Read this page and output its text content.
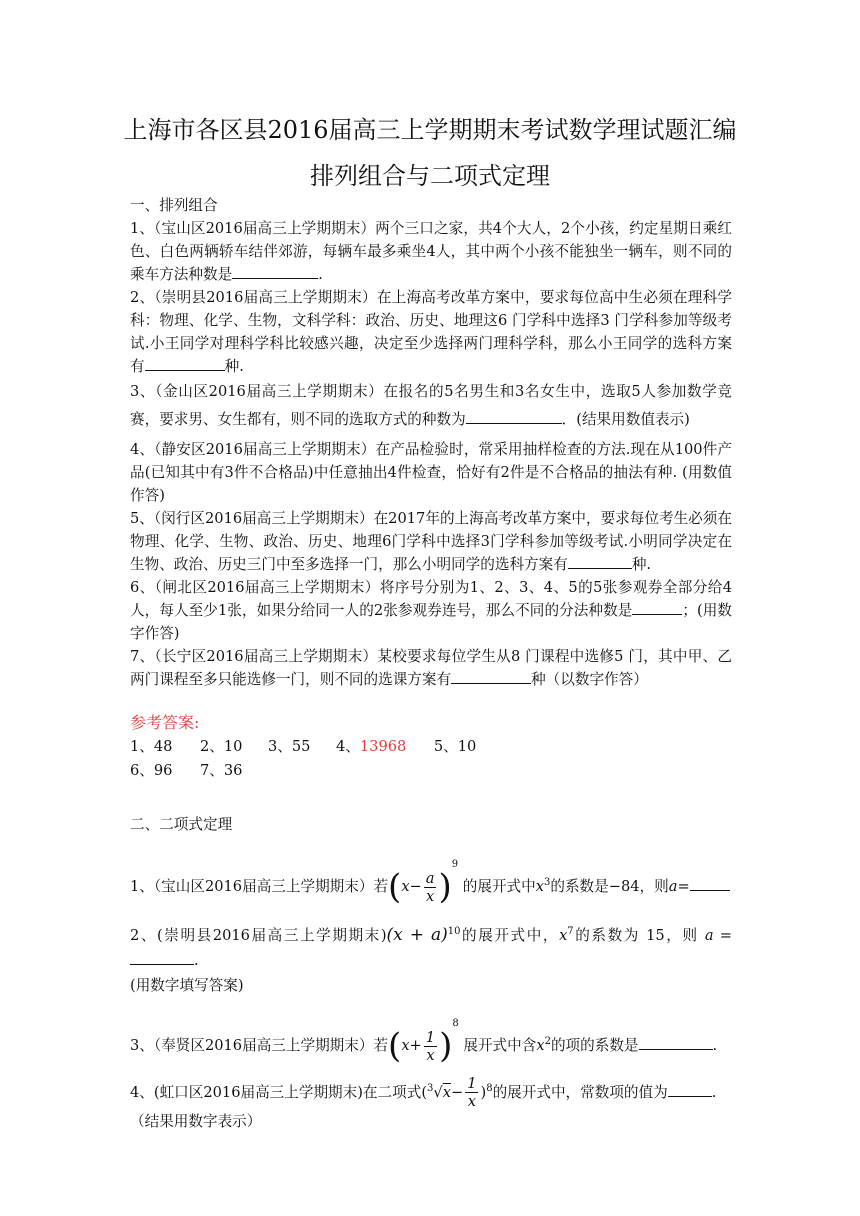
上海市各区县2016届高三上学期期末考试数学理试题汇编
排列组合与二项式定理
一、排列组合

1、（宝山区2016届高三上学期期末）两个三口之家，共4个大人，2个小孩，约定星期日乘红色、白色两辆轿车结伴郊游，每辆车最多乘坐4人，其中两个小孩不能独坐一辆车，则不同的乘车方法种数是	.

2、（崇明县2016届高三上学期期末）在上海高考改革方案中，要求每位高中生必须在理科学科：物理、化学、生物，文科学科：政治、历史、地理这6 门学科中选择3 门学科参加等级考试.小王同学对理科学科比较感兴趣，决定至少选择两门理科学科，那么小王同学的选科方案有	种.

3、（金山区2016届高三上学期期末）在报名的5名男生和3名女生中，选取5人参加数学竞赛，要求男、女生都有，则不同的选取方式的种数为	．(结果用数值表示)

4、（静安区2016届高三上学期期末）在产品检验时，常采用抽样检查的方法.现在从100件产品(已知其中有3件不合格品)中任意抽出4件检查，恰好有2件是不合格品的抽法有种. (用数值作答)

5、（闵行区2016届高三上学期期末）在2017年的上海高考改革方案中，要求每位考生必须在物理、化学、生物、政治、历史、地理6门学科中选择3门学科参加等级考试.小明同学决定在生物、政治、历史三门中至多选择一门，那么小明同学的选科方案有	种.

6、（闸北区2016届高三上学期期末）将序号分别为1、2、3、4、5的5张参观券全部分给4人，每人至少1张，如果分给同一人的2张参观券连号，那么不同的分法种数是	；(用数字作答)

7、（长宁区2016届高三上学期期末）某校要求每位学生从8 门课程中选修5 门，其中甲、乙两门课程至多只能选修一门，则不同的选课方案有	种（以数字作答）

参考答案:
1、48 2、10 3、55 4、13968 5、10
6、96 7、36
二、二项式定理

1、（宝山区2016届高三上学期期末）若$(x- \frac{a}{x} )^9$ 的展开式中$x^3$的系数是−84，则a=

2、(崇明县2016届高三上学期期末)$(x + a)^{10}$的展开式中，$x^7$的系数为 15，则 a =.

(用数字填写答案)

3、（奉贤区2016届高三上学期期末）若$(x+ \frac{1}{x} )^8$ 展开式中含$x^2$的项的系数是	.

4、(虹口区2016届高三上学期期末)在二项式$(^3√x- \frac{1}{x} )^8$的展开式中，常数项的值为	.

（结果用数字表示）
